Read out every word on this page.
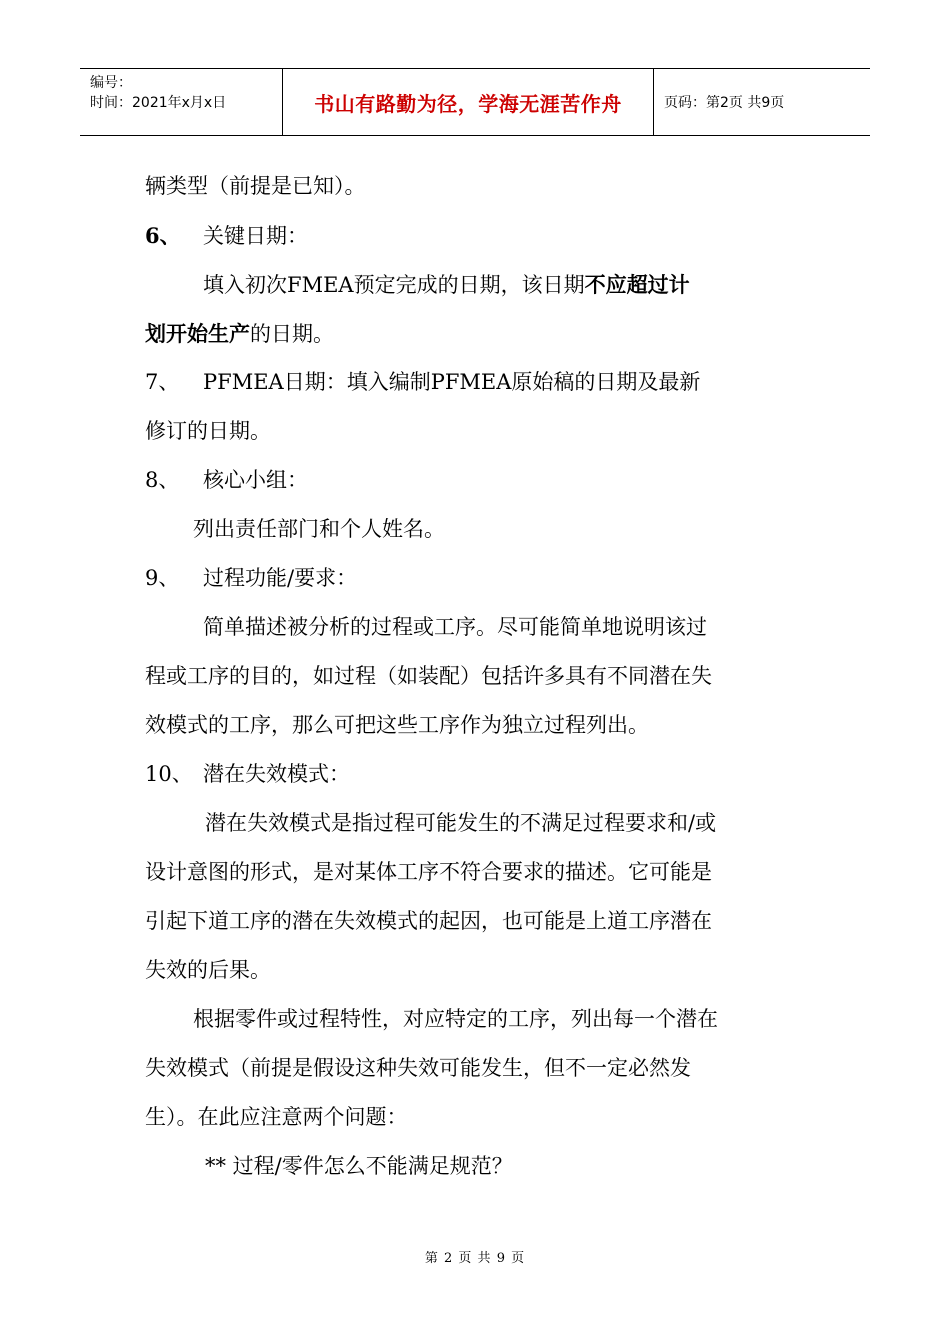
编号：
时间：2021年x月x日	书山有路勤为径，学海无涯苦作舟	页码：第2页 共9页

辆类型（前提是已知）。

6、 关键日期：

填入初次FMEA预定完成的日期，该日期不应超过计

划开始生产的日期。

7、 PFMEA日期：填入编制PFMEA原始稿的日期及最新

修订的日期。

8、 核心小组：

列出责任部门和个人姓名。

9、 过程功能/要求：

简单描述被分析的过程或工序。尽可能简单地说明该过

程或工序的目的，如过程（如装配）包括许多具有不同潜在失

效模式的工序，那么可把这些工序作为独立过程列出。

10、 潜在失效模式：

潜在失效模式是指过程可能发生的不满足过程要求和/或

设计意图的形式，是对某体工序不符合要求的描述。它可能是

引起下道工序的潜在失效模式的起因，也可能是上道工序潜在

失效的后果。

根据零件或过程特性，对应特定的工序，列出每一个潜在

失效模式（前提是假设这种失效可能发生，但不一定必然发

生）。在此应注意两个问题：

** 过程/零件怎么不能满足规范？

第 2 页 共 9 页
